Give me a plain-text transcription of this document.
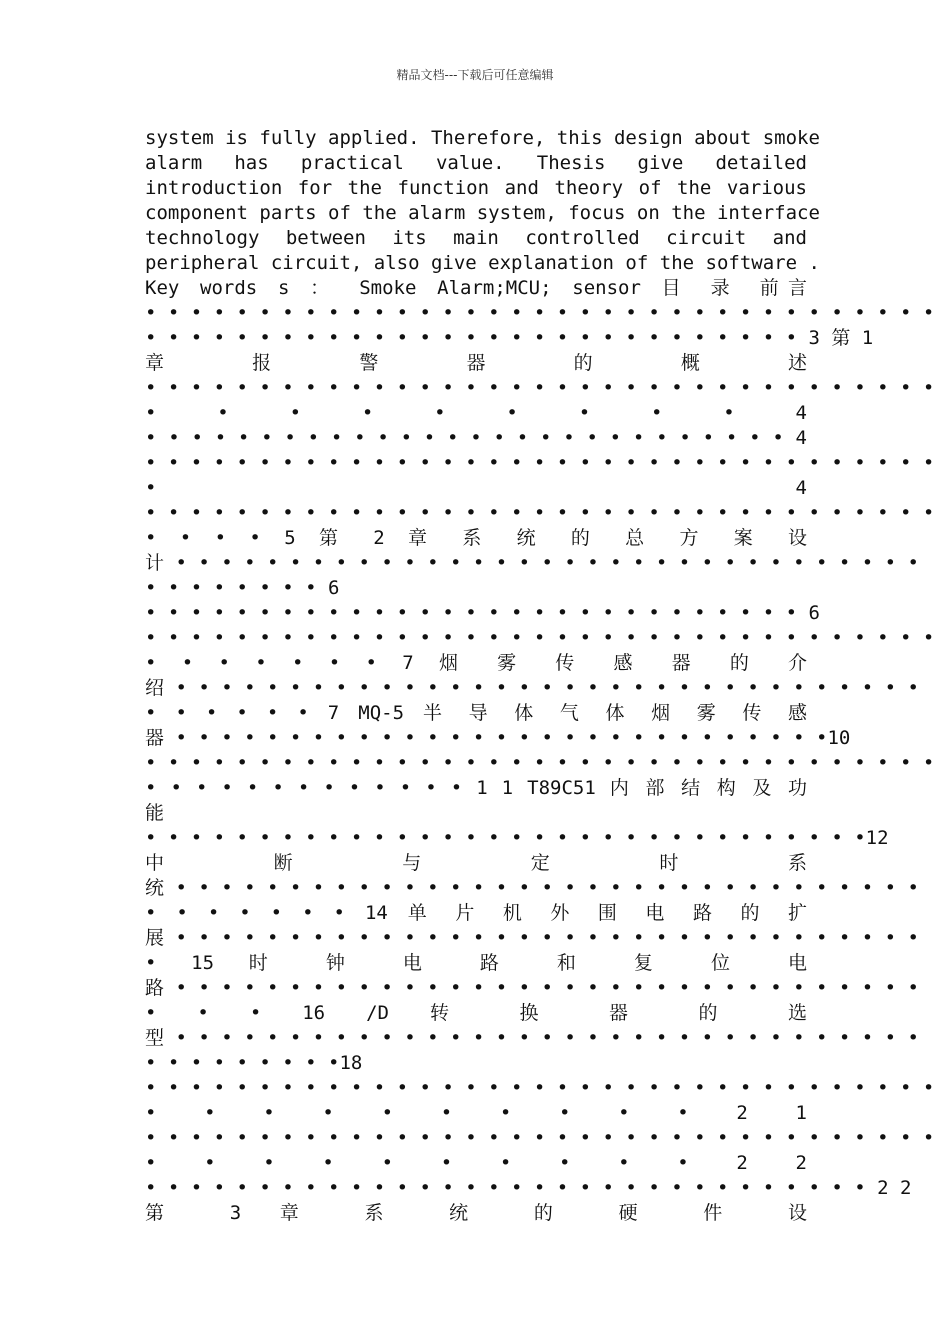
精品文档---下载后可任意编辑
system is fully applied. Therefore, this design about smoke
alarm has practical value. Thesis give detailed
introduction for the function and theory of the various
component parts of the alarm system, focus on the interface
technology between its main controlled circuit and
peripheral circuit, also give explanation of the software .
Key words s ： Smoke Alarm;MCU; sensor 目 录 前言
• • • • • • • • • • • • • • • • • • • • • • • • • • • • • • • • • • •
• • • • • • • • • • • • • • • • • • • • • • • • • • • • • 3 第 1
章 报 警 器 的 概 述
• • • • • • • • • • • • • • • • • • • • • • • • • • • • • • • • • • •
• • • • • • • • • 4
• • • • • • • • • • • • • • • • • • • • • • • • • • • • 4
• • • • • • • • • • • • • • • • • • • • • • • • • • • • • • • • • • •
• 4
• • • • • • • • • • • • • • • • • • • • • • • • • • • • • • • • • • •
• • • • 5 第 2 章 系 统 的 总 方 案 设
计 • • • • • • • • • • • • • • • • • • • • • • • • • • • • • • • • •
• • • • • • • • 6
• • • • • • • • • • • • • • • • • • • • • • • • • • • • • 6
• • • • • • • • • • • • • • • • • • • • • • • • • • • • • • • • • • •
• • • • • • • 7 烟 雾 传 感 器 的 介
绍 • • • • • • • • • • • • • • • • • • • • • • • • • • • • • • • • •
• • • • • • 7 MQ-5 半 导 体 气 体 烟 雾 传 感
器 • • • • • • • • • • • • • • • • • • • • • • • • • • • • •10
• • • • • • • • • • • • • • • • • • • • • • • • • • • • • • • • • • •
• • • • • • • • • • • • • 1 1 T89C51 内 部 结 构 及 功
能
• • • • • • • • • • • • • • • • • • • • • • • • • • • • • • • •12
中 断 与 定 时 系
统 • • • • • • • • • • • • • • • • • • • • • • • • • • • • • • • • •
• • • • • • • 14 单 片 机 外 围 电 路 的 扩
展 • • • • • • • • • • • • • • • • • • • • • • • • • • • • • • • • •
• 15 时 钟 电 路 和 复 位 电
路 • • • • • • • • • • • • • • • • • • • • • • • • • • • • • • • • •
• • • 16 /D 转 换 器 的 选
型 • • • • • • • • • • • • • • • • • • • • • • • • • • • • • • • • •
• • • • • • • • •18
• • • • • • • • • • • • • • • • • • • • • • • • • • • • • • • • • • •
• • • • • • • • • • 2 1
• • • • • • • • • • • • • • • • • • • • • • • • • • • • • • • • • • •
• • • • • • • • • • 2 2
• • • • • • • • • • • • • • • • • • • • • • • • • • • • • • • • 2 2
第 3 章 系 统 的 硬 件 设
